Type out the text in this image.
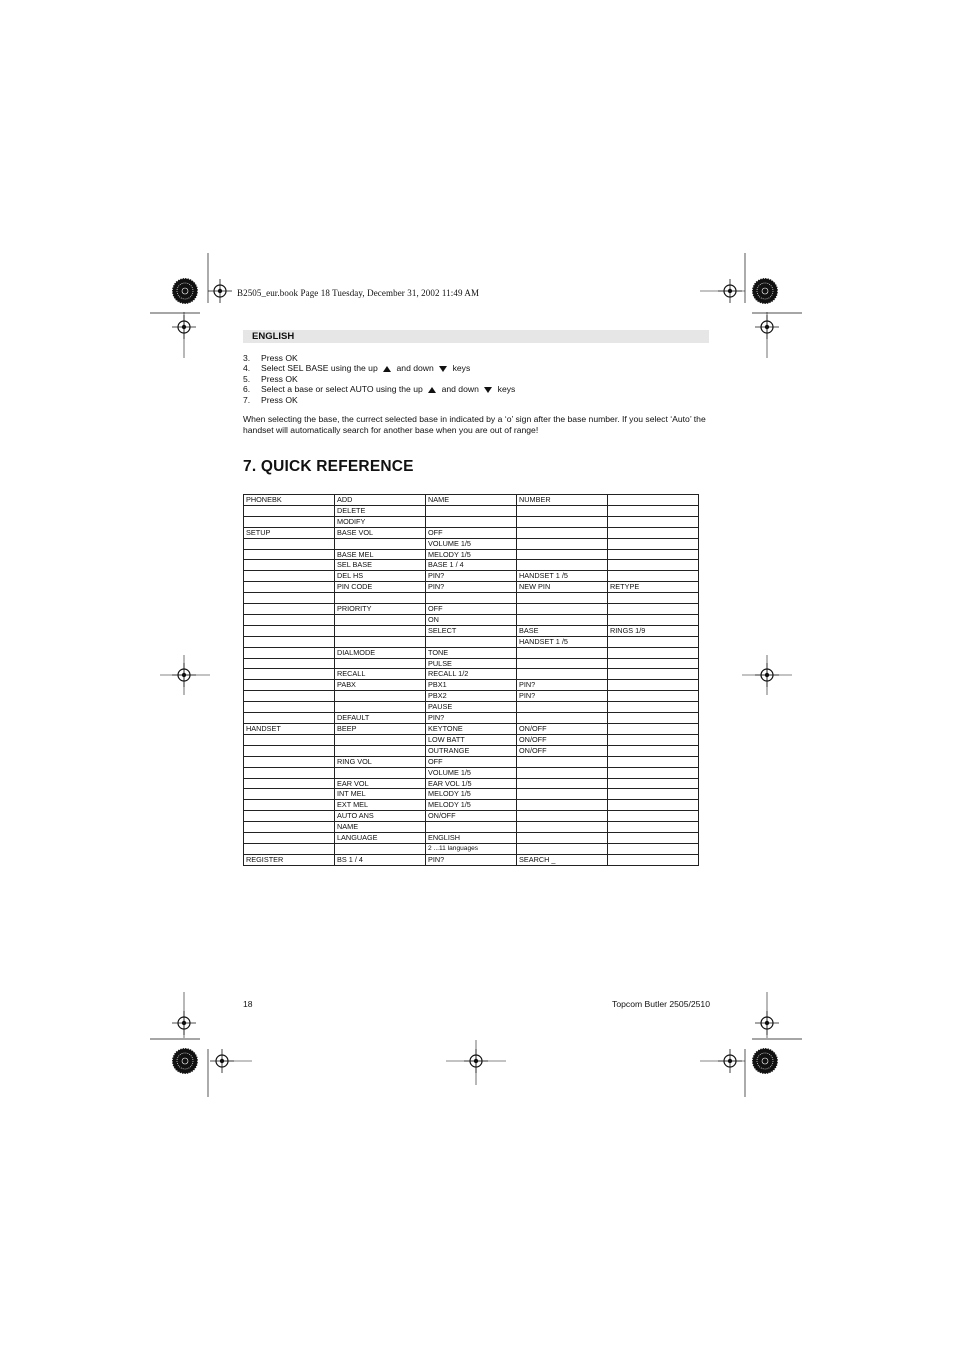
B2505_eur.book Page 18 Tuesday, December 31, 2002 11:49 AM
ENGLISH
3. Press OK
4. Select SEL BASE using the up and down keys
5. Press OK
6. Select a base or select AUTO using the up and down keys
7. Press OK
When selecting the base, the currect selected base in indicated by a ‘o’ sign after the base number. If you select ‘Auto’ the handset will automatically search for another base when you are out of range!
7. QUICK REFERENCE
PHONEBK	ADD	NAME	NUMBER	
	DELETE			
	MODIFY			
SETUP	BASE VOL	OFF		
		VOLUME 1/5		
	BASE MEL	MELODY 1/5		
	SEL BASE	BASE 1 / 4		
	DEL HS	PIN?	HANDSET 1 /5	
	PIN CODE	PIN?	NEW PIN	RETYPE

	PRIORITY	OFF		
		ON		
		SELECT	BASE	RINGS 1/9
			HANDSET 1 /5	
	DIALMODE	TONE		
		PULSE		
	RECALL	RECALL 1/2		
	PABX	PBX1	PIN?	
		PBX2	PIN?	
		PAUSE		
	DEFAULT	PIN?		
HANDSET	BEEP	KEYTONE	ON/OFF	
		LOW BATT	ON/OFF	
		OUTRANGE	ON/OFF	
	RING VOL	OFF		
		VOLUME 1/5		
	EAR VOL	EAR VOL 1/5		
	INT MEL	MELODY 1/5		
	EXT MEL	MELODY 1/5		
	AUTO ANS	ON/OFF		
	NAME			
	LANGUAGE	ENGLISH		
		2 ...11 languages		
REGISTER	BS 1 / 4	PIN?	SEARCH _	
18	Topcom Butler 2505/2510
